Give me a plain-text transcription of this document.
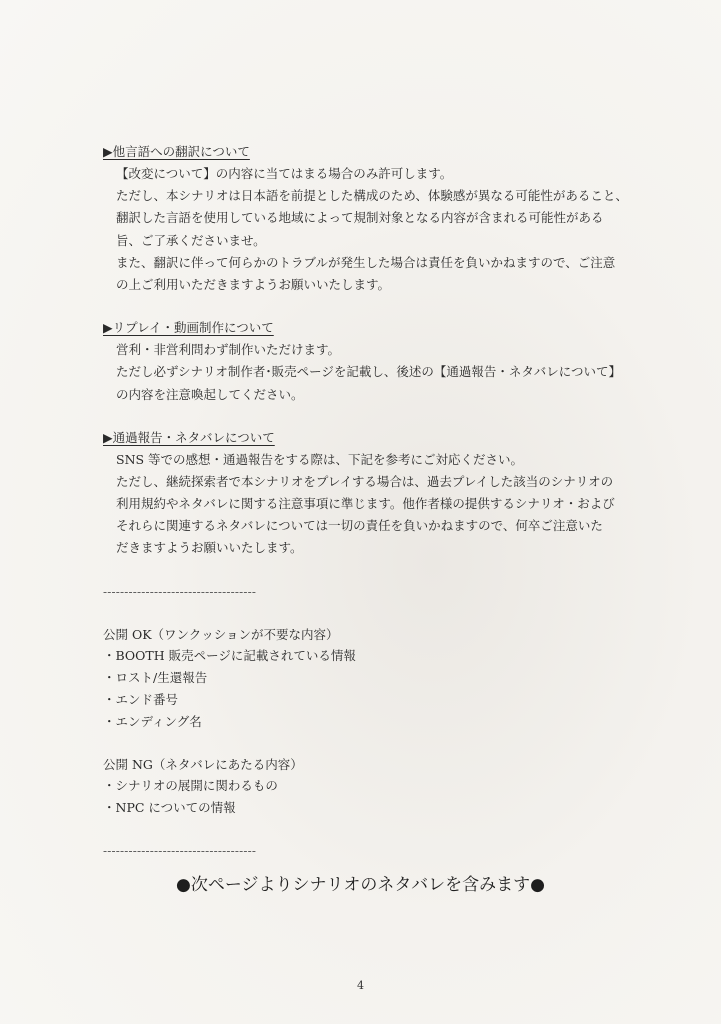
▶他言語への翻訳について
【改変について】の内容に当てはまる場合のみ許可します。
ただし、本シナリオは日本語を前提とした構成のため、体験感が異なる可能性があること、
翻訳した言語を使用している地域によって規制対象となる内容が含まれる可能性がある
旨、ご了承くださいませ。
また、翻訳に伴って何らかのトラブルが発生した場合は責任を負いかねますので、ご注意
の上ご利用いただきますようお願いいたします。
▶リプレイ・動画制作について
営利・非営利問わず制作いただけます。
ただし必ずシナリオ制作者･販売ページを記載し、後述の【通過報告・ネタバレについて】
の内容を注意喚起してください。
▶通過報告・ネタバレについて
SNS 等での感想・通過報告をする際は、下記を参考にご対応ください。
ただし、継続探索者で本シナリオをプレイする場合は、過去プレイした該当のシナリオの
利用規約やネタバレに関する注意事項に準じます。他作者様の提供するシナリオ・および
それらに関連するネタバレについては一切の責任を負いかねますので、何卒ご注意いた
だきますようお願いいたします。
------------------------------------
公開 OK（ワンクッションが不要な内容）
・BOOTH 販売ページに記載されている情報
・ロスト/生還報告
・エンド番号
・エンディング名
公開 NG（ネタバレにあたる内容）
・シナリオの展開に関わるもの
・NPC についての情報
------------------------------------
●次ページよりシナリオのネタバレを含みます●
4
